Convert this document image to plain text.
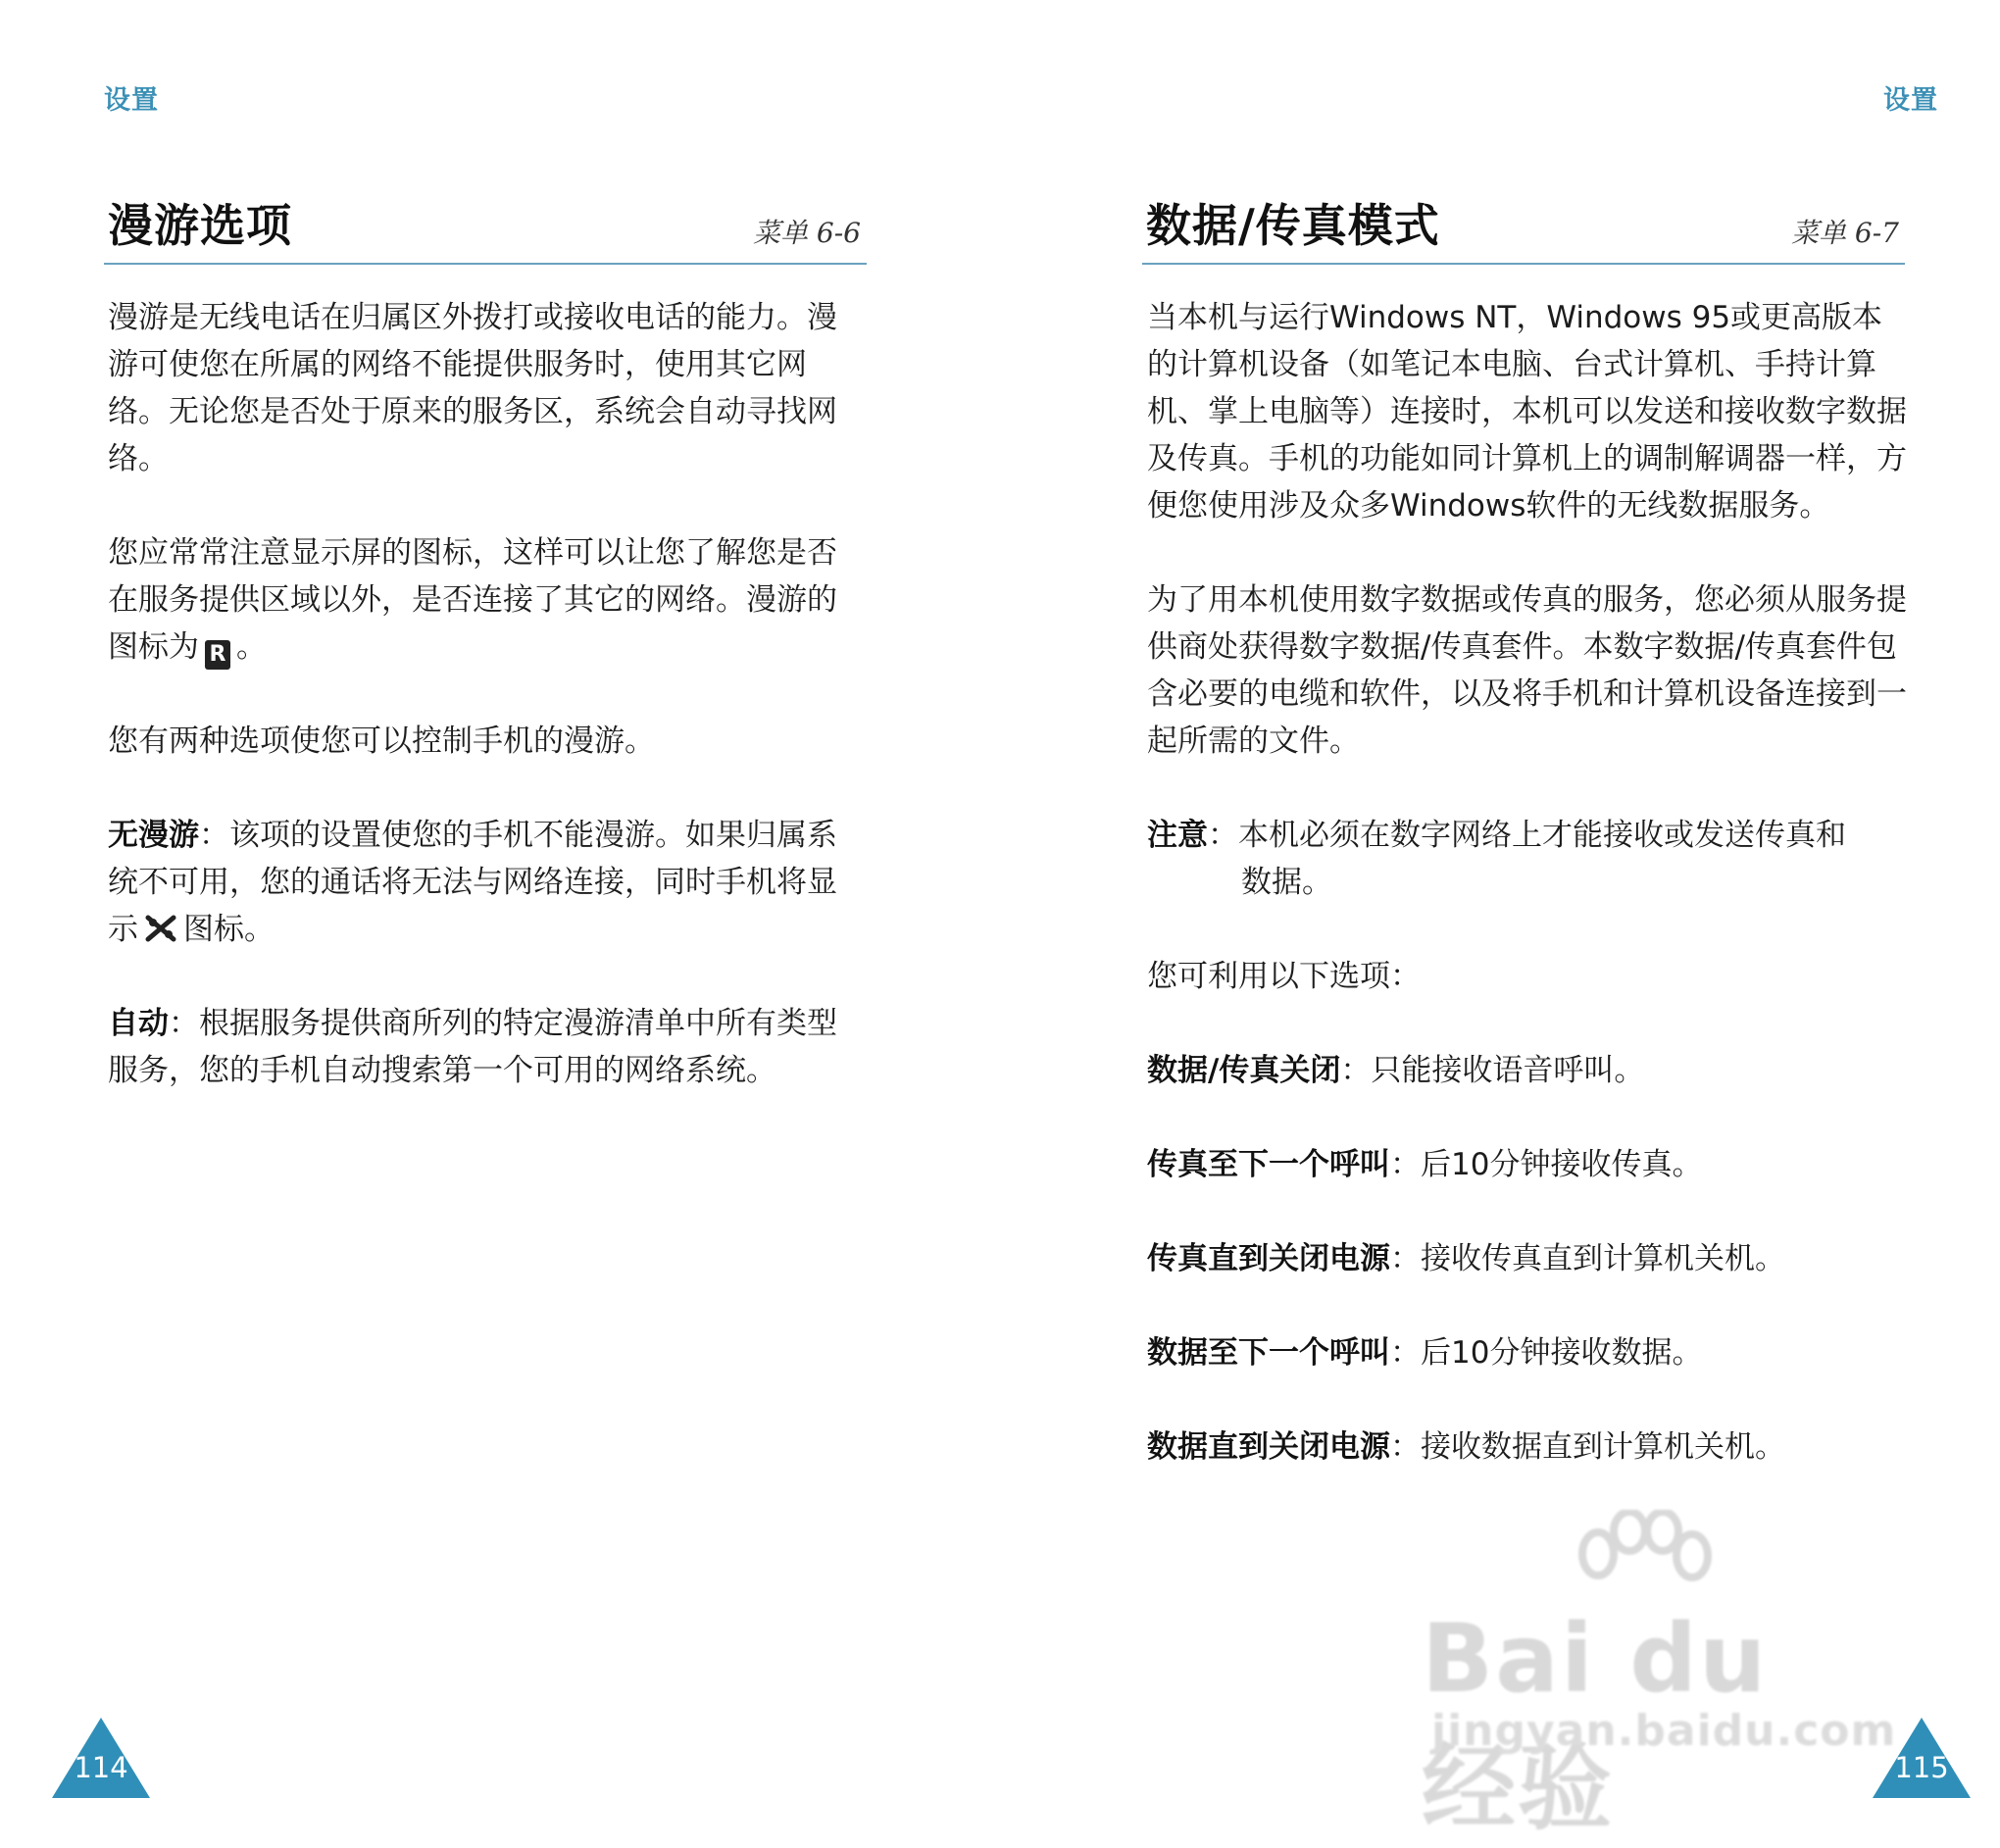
设置
漫游选项	菜单 6-6

漫游是无线电话在归属区外拨打或接收电话的能力。漫游可使您在所属的网络不能提供服务时，使用其它网络。无论您是否处于原来的服务区，系统会自动寻找网络。

您应常常注意显示屏的图标，这样可以让您了解您是否在服务提供区域以外，是否连接了其它的网络。漫游的图标为 R 。

您有两种选项使您可以控制手机的漫游。

无漫游：该项的设置使您的手机不能漫游。如果归属系统不可用，您的通话将无法与网络连接，同时手机将显示 图标。

自动：根据服务提供商所列的特定漫游清单中所有类型服务，您的手机自动搜索第一个可用的网络系统。

114
设置
数据/传真模式	菜单 6-7

当本机与运行Windows NT，Windows 95或更高版本的计算机设备（如笔记本电脑、台式计算机、手持计算机、掌上电脑等）连接时，本机可以发送和接收数字数据及传真。手机的功能如同计算机上的调制解调器一样，方便您使用涉及众多Windows软件的无线数据服务。

为了用本机使用数字数据或传真的服务，您必须从服务提供商处获得数字数据/传真套件。本数字数据/传真套件包含必要的电缆和软件，以及将手机和计算机设备连接到一起所需的文件。

注意：本机必须在数字网络上才能接收或发送传真和

数据。

您可利用以下选项：

数据/传真关闭：只能接收语音呼叫。

传真至下一个呼叫：后10分钟接收传真。

传真直到关闭电源：接收传真直到计算机关机。

数据至下一个呼叫：后10分钟接收数据。

数据直到关闭电源：接收数据直到计算机关机。

115
Bai du 经验
jingyan.baidu.com
